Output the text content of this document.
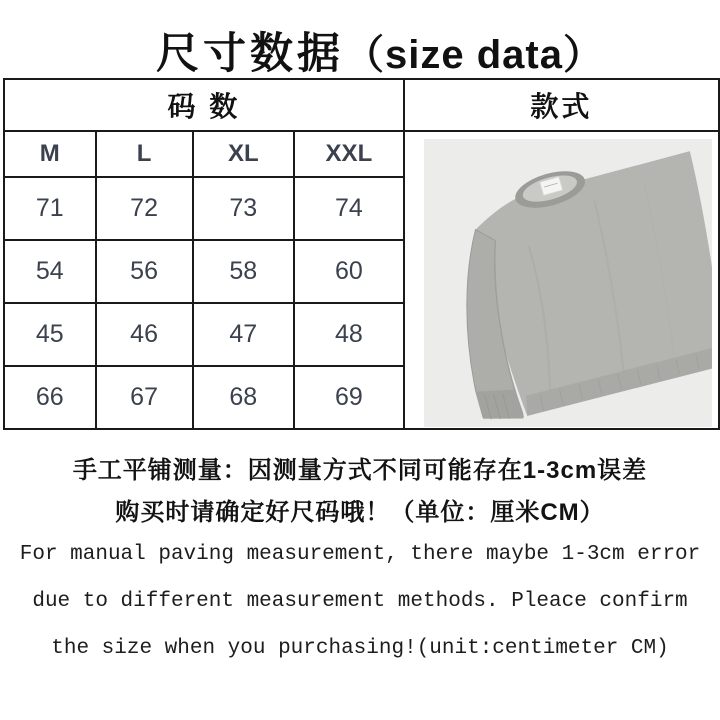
尺寸数据（size data）
码 数				款式
M	L	XL	XXL	

71	72	73	74	
54	56	58	60	
45	46	47	48	
66	67	68	69	
手工平铺测量：因测量方式不同可能存在1-3cm误差
购买时请确定好尺码哦！（单位：厘米CM）
For manual paving measurement, there maybe 1-3cm error
due to different measurement methods. Pleace confirm
the size when you purchasing!(unit:centimeter CM)
